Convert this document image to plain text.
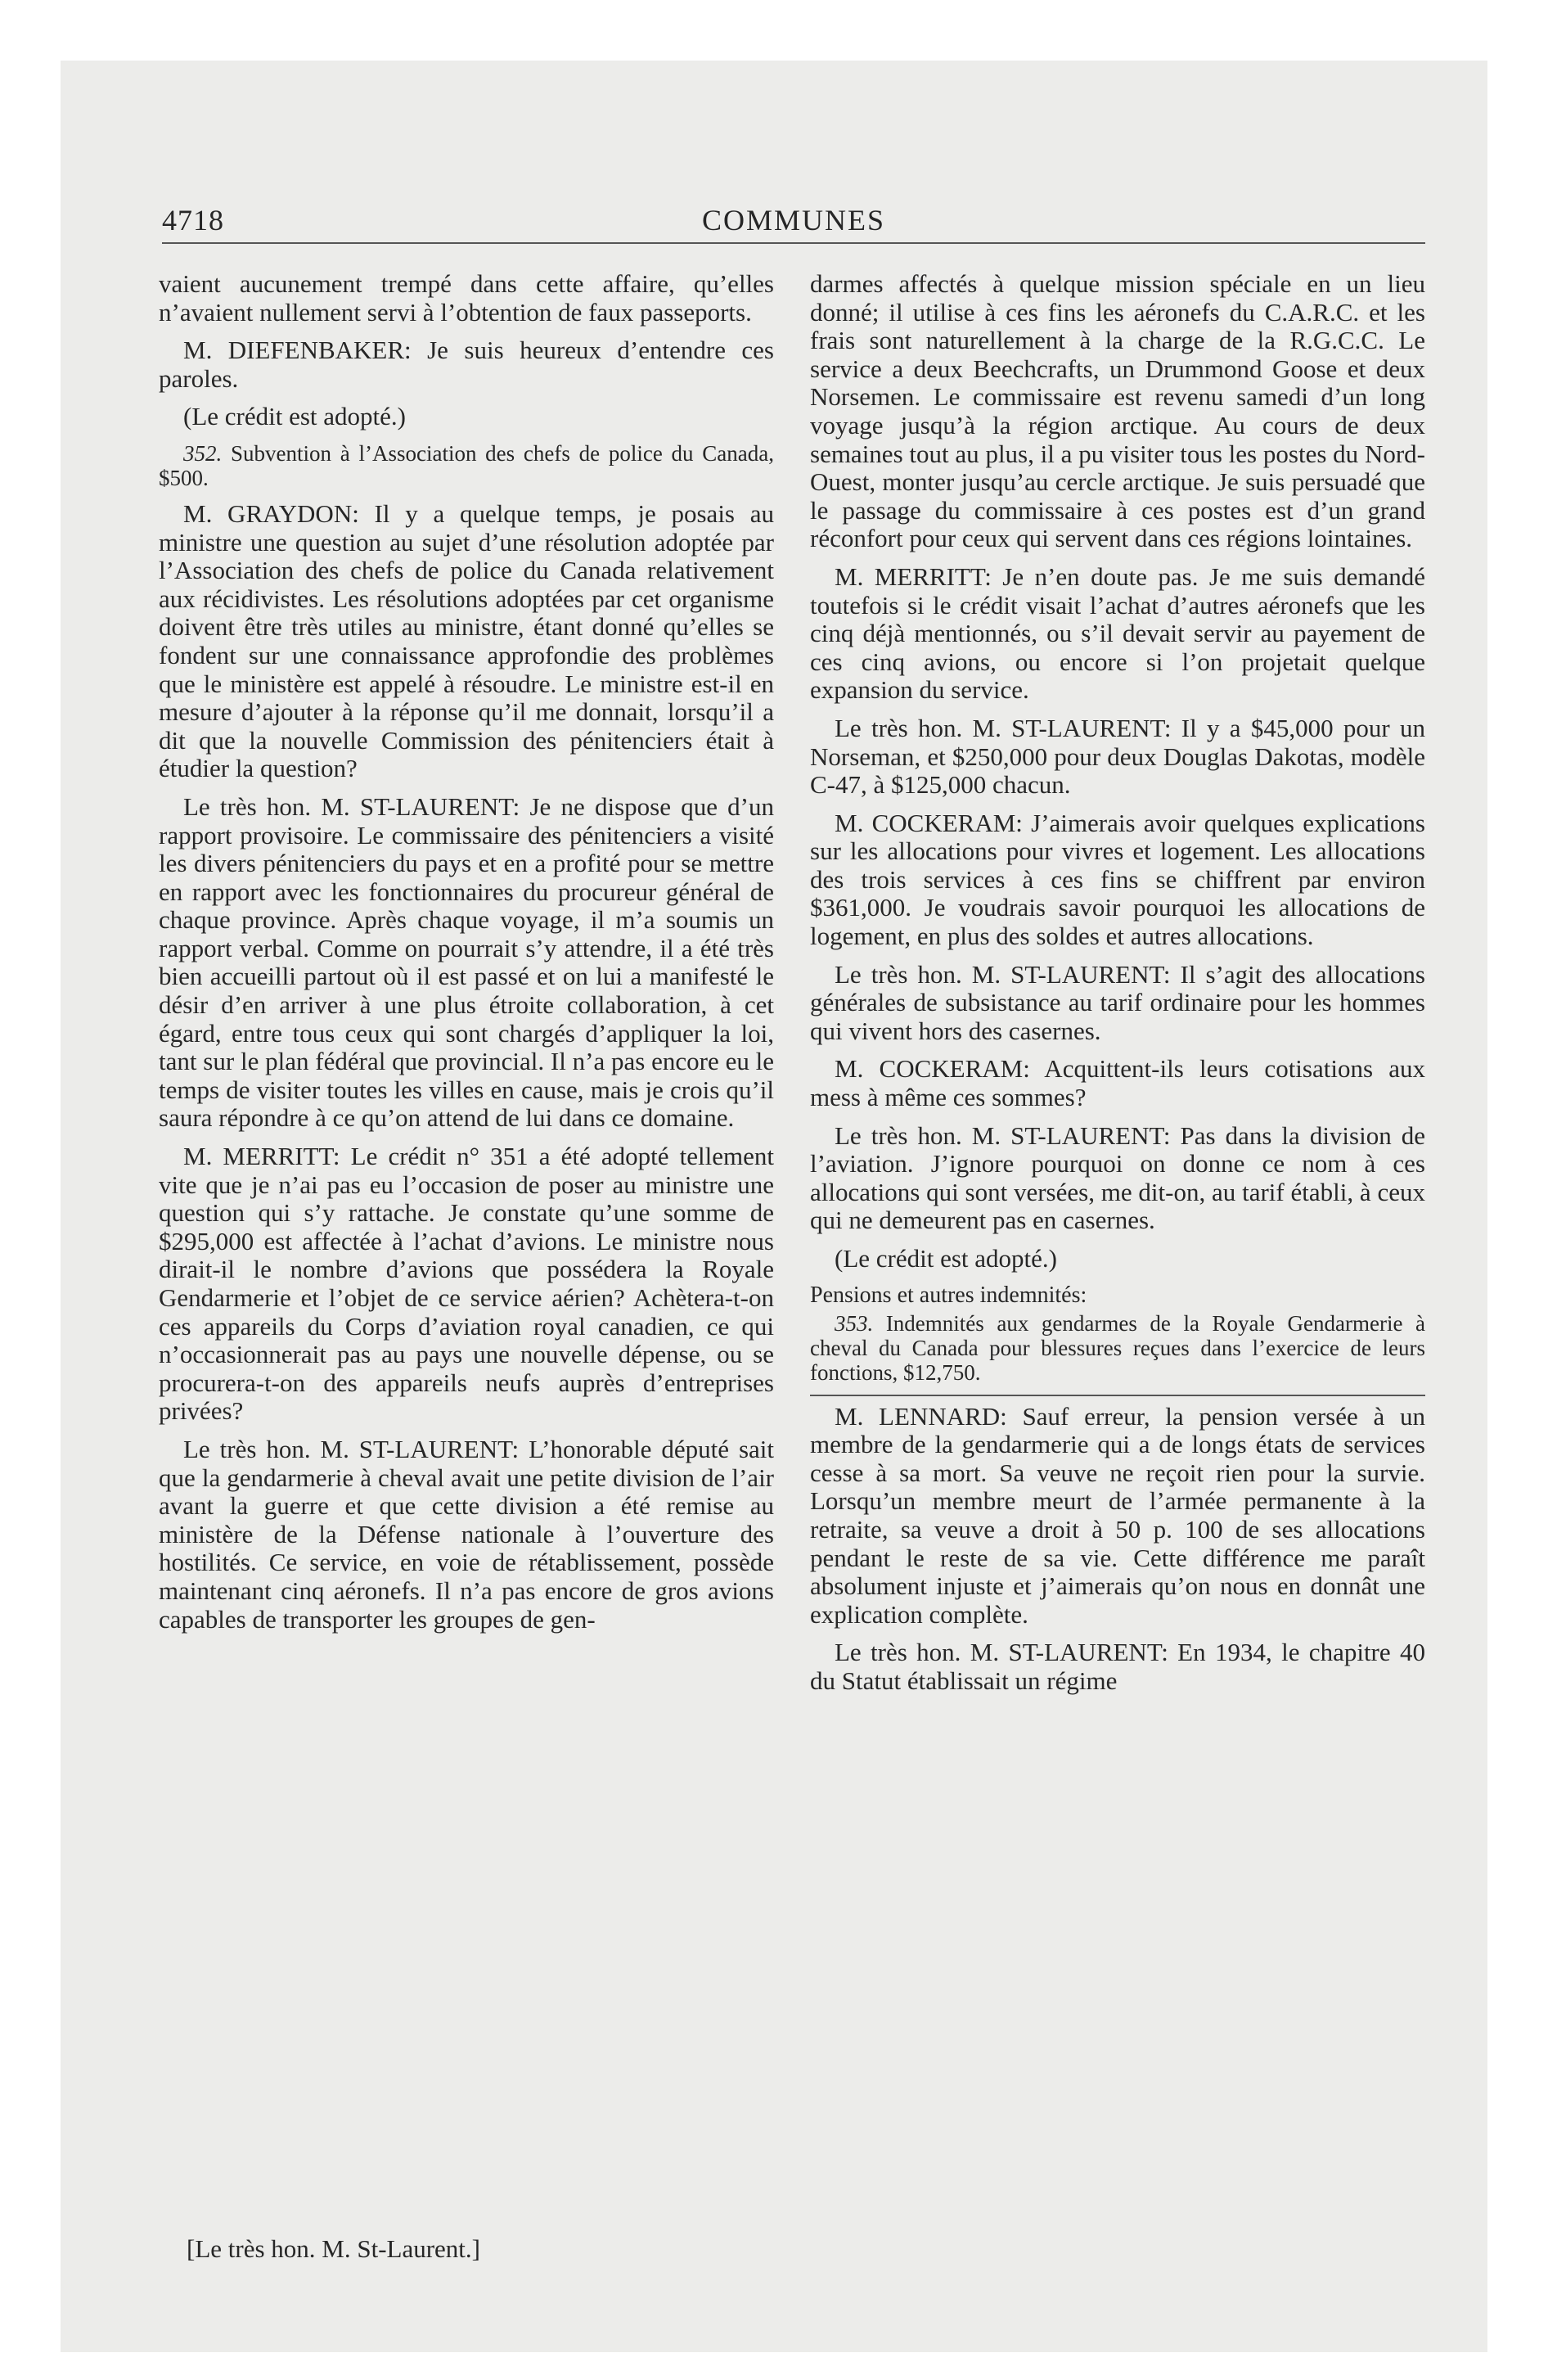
4718	COMMUNES

vaient aucunement trempé dans cette affaire, qu’elles n’avaient nullement servi à l’obtention de faux passeports.

M. DIEFENBAKER: Je suis heureux d’entendre ces paroles.

(Le crédit est adopté.)

352. Subvention à l’Association des chefs de police du Canada, $500.

M. GRAYDON: Il y a quelque temps, je posais au ministre une question au sujet d’une résolution adoptée par l’Association des chefs de police du Canada relativement aux récidivistes. Les résolutions adoptées par cet organisme doivent être très utiles au ministre, étant donné qu’elles se fondent sur une connaissance approfondie des problèmes que le ministère est appelé à résoudre. Le ministre est-il en mesure d’ajouter à la réponse qu’il me donnait, lorsqu’il a dit que la nouvelle Commission des pénitenciers était à étudier la question?

Le très hon. M. ST-LAURENT: Je ne dispose que d’un rapport provisoire. Le commissaire des pénitenciers a visité les divers pénitenciers du pays et en a profité pour se mettre en rapport avec les fonctionnaires du procureur général de chaque province. Après chaque voyage, il m’a soumis un rapport verbal. Comme on pourrait s’y attendre, il a été très bien accueilli partout où il est passé et on lui a manifesté le désir d’en arriver à une plus étroite collaboration, à cet égard, entre tous ceux qui sont chargés d’appliquer la loi, tant sur le plan fédéral que provincial. Il n’a pas encore eu le temps de visiter toutes les villes en cause, mais je crois qu’il saura répondre à ce qu’on attend de lui dans ce domaine.

M. MERRITT: Le crédit n° 351 a été adopté tellement vite que je n’ai pas eu l’occasion de poser au ministre une question qui s’y rattache. Je constate qu’une somme de $295,000 est affectée à l’achat d’avions. Le ministre nous dirait-il le nombre d’avions que possédera la Royale Gendarmerie et l’objet de ce service aérien? Achètera-t-on ces appareils du Corps d’aviation royal canadien, ce qui n’occasionnerait pas au pays une nouvelle dépense, ou se procurera-t-on des appareils neufs auprès d’entreprises privées?

Le très hon. M. ST-LAURENT: L’honorable député sait que la gendarmerie à cheval avait une petite division de l’air avant la guerre et que cette division a été remise au ministère de la Défense nationale à l’ouverture des hostilités. Ce service, en voie de rétablissement, possède maintenant cinq aéronefs. Il n’a pas encore de gros avions capables de transporter les groupes de gen-

[Le très hon. M. St-Laurent.]

darmes affectés à quelque mission spéciale en un lieu donné; il utilise à ces fins les aéronefs du C.A.R.C. et les frais sont naturellement à la charge de la R.G.C.C. Le service a deux Beechcrafts, un Drummond Goose et deux Norsemen. Le commissaire est revenu samedi d’un long voyage jusqu’à la région arctique. Au cours de deux semaines tout au plus, il a pu visiter tous les postes du Nord-Ouest, monter jusqu’au cercle arctique. Je suis persuadé que le passage du commissaire à ces postes est d’un grand réconfort pour ceux qui servent dans ces régions lointaines.

M. MERRITT: Je n’en doute pas. Je me suis demandé toutefois si le crédit visait l’achat d’autres aéronefs que les cinq déjà mentionnés, ou s’il devait servir au payement de ces cinq avions, ou encore si l’on projetait quelque expansion du service.

Le très hon. M. ST-LAURENT: Il y a $45,000 pour un Norseman, et $250,000 pour deux Douglas Dakotas, modèle C-47, à $125,000 chacun.

M. COCKERAM: J’aimerais avoir quelques explications sur les allocations pour vivres et logement. Les allocations des trois services à ces fins se chiffrent par environ $361,000. Je voudrais savoir pourquoi les allocations de logement, en plus des soldes et autres allocations.

Le très hon. M. ST-LAURENT: Il s’agit des allocations générales de subsistance au tarif ordinaire pour les hommes qui vivent hors des casernes.

M. COCKERAM: Acquittent-ils leurs cotisations aux mess à même ces sommes?

Le très hon. M. ST-LAURENT: Pas dans la division de l’aviation. J’ignore pourquoi on donne ce nom à ces allocations qui sont versées, me dit-on, au tarif établi, à ceux qui ne demeurent pas en casernes.

(Le crédit est adopté.)

Pensions et autres indemnités:

353. Indemnités aux gendarmes de la Royale Gendarmerie à cheval du Canada pour blessures reçues dans l’exercice de leurs fonctions, $12,750.

M. LENNARD: Sauf erreur, la pension versée à un membre de la gendarmerie qui a de longs états de services cesse à sa mort. Sa veuve ne reçoit rien pour la survie. Lorsqu’un membre meurt de l’armée permanente à la retraite, sa veuve a droit à 50 p. 100 de ses allocations pendant le reste de sa vie. Cette différence me paraît absolument injuste et j’aimerais qu’on nous en donnât une explication complète.

Le très hon. M. ST-LAURENT: En 1934, le chapitre 40 du Statut établissait un régime
